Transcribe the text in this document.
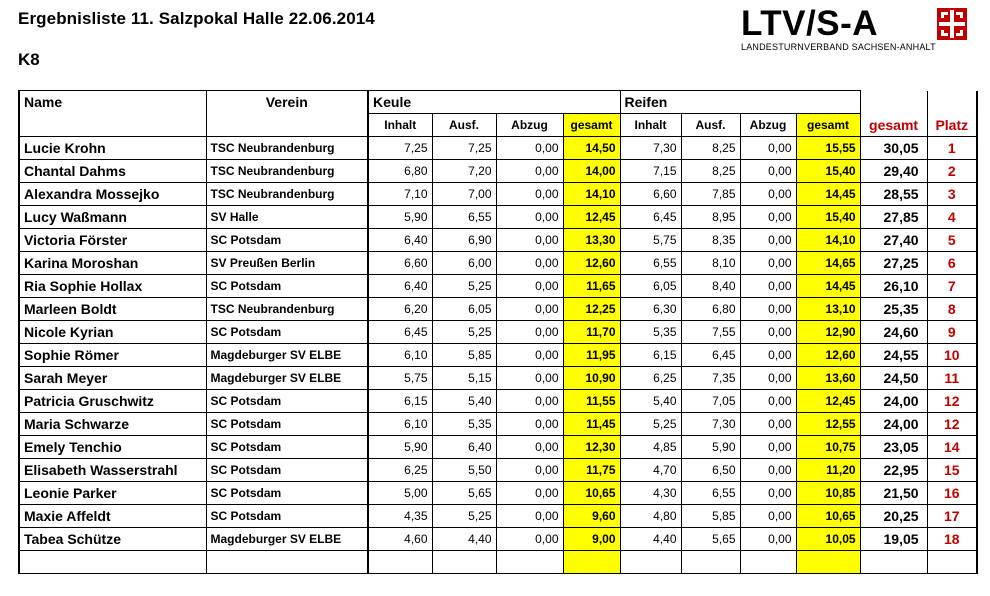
Ergebnisliste 11. Salzpokal Halle 22.06.2014
K8
LTV/S-A
LANDESTURNVERBAND SACHSEN-ANHALT
Name	Verein	Keule				Reifen					
		Inhalt	Ausf.	Abzug	gesamt	Inhalt	Ausf.	Abzug	gesamt	gesamt	Platz
Lucie Krohn	TSC Neubrandenburg	7,25	7,25	0,00	14,50	7,30	8,25	0,00	15,55	30,05	1
Chantal Dahms	TSC Neubrandenburg	6,80	7,20	0,00	14,00	7,15	8,25	0,00	15,40	29,40	2
Alexandra Mossejko	TSC Neubrandenburg	7,10	7,00	0,00	14,10	6,60	7,85	0,00	14,45	28,55	3
Lucy Waßmann	SV Halle	5,90	6,55	0,00	12,45	6,45	8,95	0,00	15,40	27,85	4
Victoria Förster	SC Potsdam	6,40	6,90	0,00	13,30	5,75	8,35	0,00	14,10	27,40	5
Karina Moroshan	SV Preußen Berlin	6,60	6,00	0,00	12,60	6,55	8,10	0,00	14,65	27,25	6
Ria Sophie Hollax	SC Potsdam	6,40	5,25	0,00	11,65	6,05	8,40	0,00	14,45	26,10	7
Marleen Boldt	TSC Neubrandenburg	6,20	6,05	0,00	12,25	6,30	6,80	0,00	13,10	25,35	8
Nicole Kyrian	SC Potsdam	6,45	5,25	0,00	11,70	5,35	7,55	0,00	12,90	24,60	9
Sophie Römer	Magdeburger SV ELBE	6,10	5,85	0,00	11,95	6,15	6,45	0,00	12,60	24,55	10
Sarah Meyer	Magdeburger SV ELBE	5,75	5,15	0,00	10,90	6,25	7,35	0,00	13,60	24,50	11
Patricia Gruschwitz	SC Potsdam	6,15	5,40	0,00	11,55	5,40	7,05	0,00	12,45	24,00	12
Maria Schwarze	SC Potsdam	6,10	5,35	0,00	11,45	5,25	7,30	0,00	12,55	24,00	12
Emely Tenchio	SC Potsdam	5,90	6,40	0,00	12,30	4,85	5,90	0,00	10,75	23,05	14
Elisabeth Wasserstrahl	SC Potsdam	6,25	5,50	0,00	11,75	4,70	6,50	0,00	11,20	22,95	15
Leonie Parker	SC Potsdam	5,00	5,65	0,00	10,65	4,30	6,55	0,00	10,85	21,50	16
Maxie Affeldt	SC Potsdam	4,35	5,25	0,00	9,60	4,80	5,85	0,00	10,65	20,25	17
Tabea Schütze	Magdeburger SV ELBE	4,60	4,40	0,00	9,00	4,40	5,65	0,00	10,05	19,05	18
